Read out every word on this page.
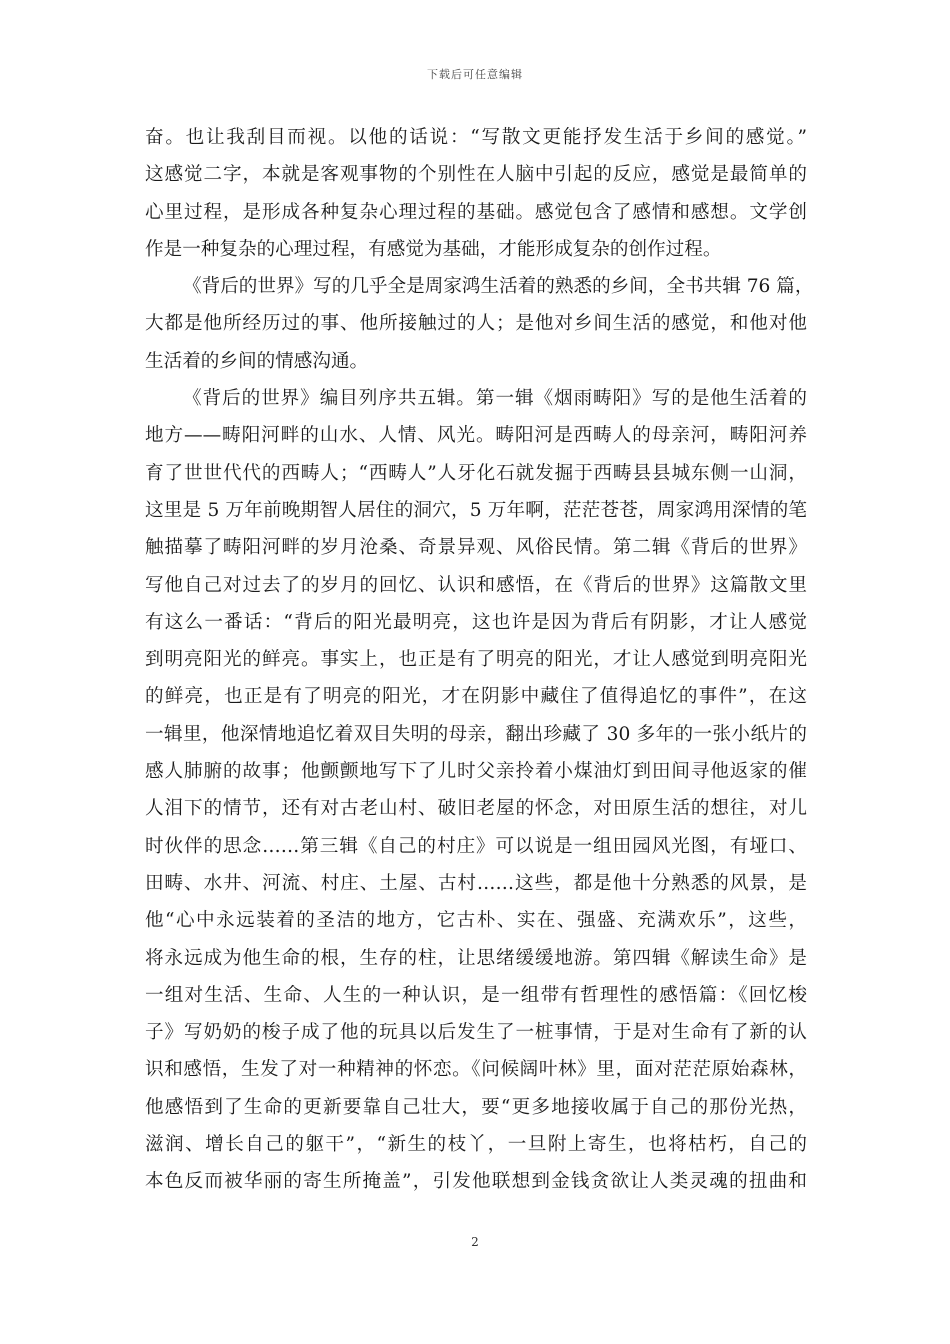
下载后可任意编辑
奋。也让我刮目而视。以他的话说：“写散文更能抒发生活于乡间的感觉。”
这感觉二字，本就是客观事物的个别性在人脑中引起的反应，感觉是最简单的
心里过程，是形成各种复杂心理过程的基础。感觉包含了感情和感想。文学创
作是一种复杂的心理过程，有感觉为基础，才能形成复杂的创作过程。
《背后的世界》写的几乎全是周家鸿生活着的熟悉的乡间，全书共辑 76 篇，
大都是他所经历过的事、他所接触过的人；是他对乡间生活的感觉，和他对他
生活着的乡间的情感沟通。
《背后的世界》编目列序共五辑。第一辑《烟雨畴阳》写的是他生活着的
地方——畴阳河畔的山水、人情、风光。畴阳河是西畴人的母亲河，畴阳河养
育了世世代代的西畴人；“西畴人”人牙化石就发掘于西畴县县城东侧一山洞，
这里是 5 万年前晚期智人居住的洞穴，5 万年啊，茫茫苍苍，周家鸿用深情的笔
触描摹了畴阳河畔的岁月沧桑、奇景异观、风俗民情。第二辑《背后的世界》
写他自己对过去了的岁月的回忆、认识和感悟，在《背后的世界》这篇散文里
有这么一番话：“背后的阳光最明亮，这也许是因为背后有阴影，才让人感觉
到明亮阳光的鲜亮。事实上，也正是有了明亮的阳光，才让人感觉到明亮阳光
的鲜亮，也正是有了明亮的阳光，才在阴影中藏住了值得追忆的事件”，在这
一辑里，他深情地追忆着双目失明的母亲，翻出珍藏了 30 多年的一张小纸片的
感人肺腑的故事；他颤颤地写下了儿时父亲拎着小煤油灯到田间寻他返家的催
人泪下的情节，还有对古老山村、破旧老屋的怀念，对田原生活的想往，对儿
时伙伴的思念……第三辑《自己的村庄》可以说是一组田园风光图，有垭口、
田畴、水井、河流、村庄、土屋、古村……这些，都是他十分熟悉的风景，是
他“心中永远装着的圣洁的地方，它古朴、实在、强盛、充满欢乐”，这些，
将永远成为他生命的根，生存的柱，让思绪缓缓地游。第四辑《解读生命》是
一组对生活、生命、人生的一种认识，是一组带有哲理性的感悟篇：《回忆梭
子》写奶奶的梭子成了他的玩具以后发生了一桩事情，于是对生命有了新的认
识和感悟，生发了对一种精神的怀恋。《问候阔叶林》里，面对茫茫原始森林，
他感悟到了生命的更新要靠自己壮大，要“更多地接收属于自己的那份光热，
滋润、增长自己的躯干”，“新生的枝丫，一旦附上寄生，也将枯朽，自己的
本色反而被华丽的寄生所掩盖”，引发他联想到金钱贪欲让人类灵魂的扭曲和
2
